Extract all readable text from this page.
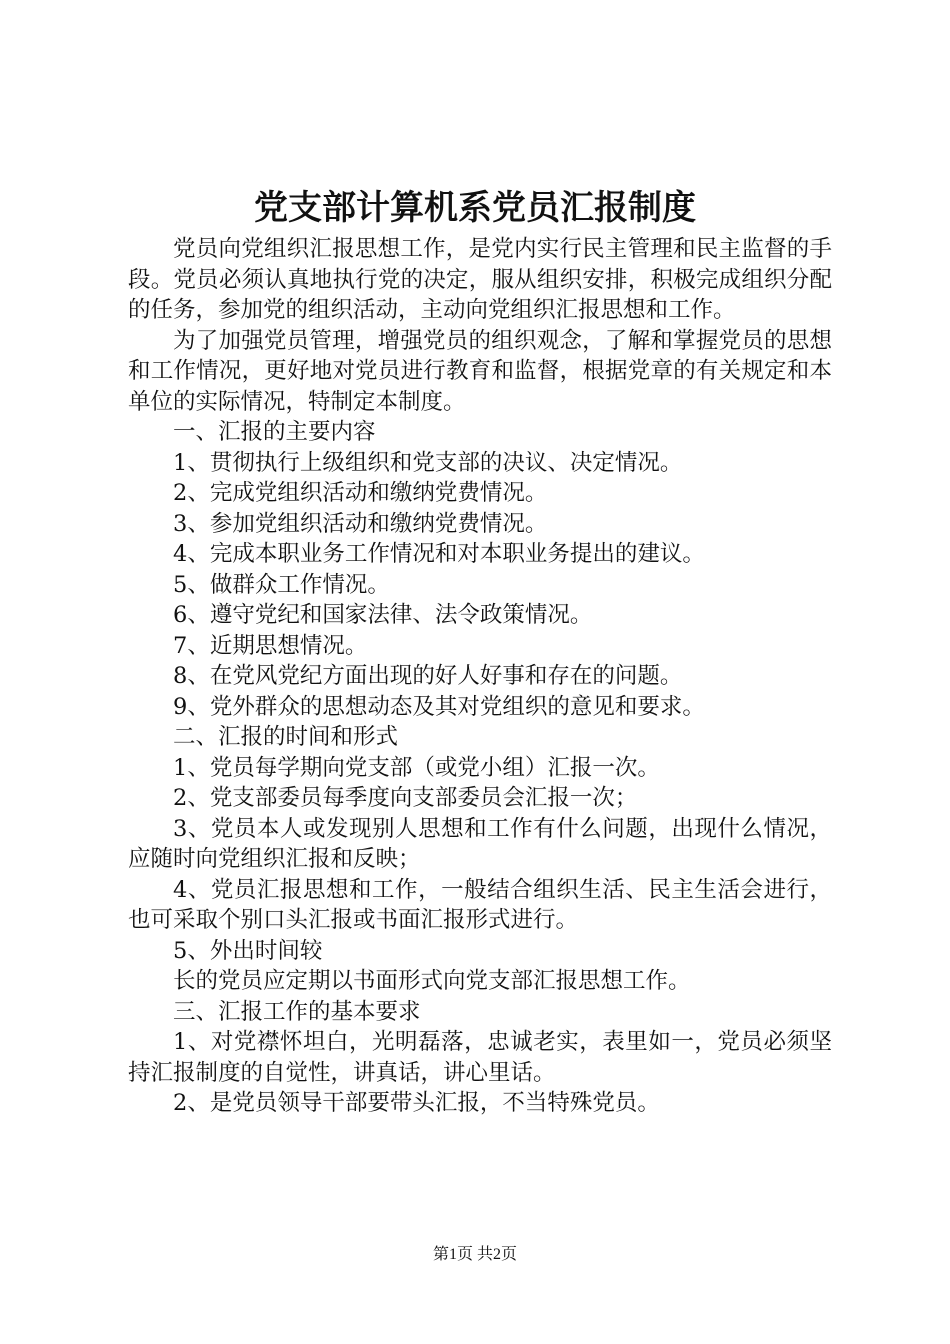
党支部计算机系党员汇报制度

党员向党组织汇报思想工作，是党内实行民主管理和民主监督的手段。党员必须认真地执行党的决定，服从组织安排，积极完成组织分配的任务，参加党的组织活动，主动向党组织汇报思想和工作。

为了加强党员管理，增强党员的组织观念，了解和掌握党员的思想和工作情况，更好地对党员进行教育和监督，根据党章的有关规定和本单位的实际情况，特制定本制度。

一、汇报的主要内容

1、贯彻执行上级组织和党支部的决议、决定情况。

2、完成党组织活动和缴纳党费情况。

3、参加党组织活动和缴纳党费情况。

4、完成本职业务工作情况和对本职业务提出的建议。

5、做群众工作情况。

6、遵守党纪和国家法律、法令政策情况。

7、近期思想情况。

8、在党风党纪方面出现的好人好事和存在的问题。

9、党外群众的思想动态及其对党组织的意见和要求。

二、汇报的时间和形式

1、党员每学期向党支部（或党小组）汇报一次。

2、党支部委员每季度向支部委员会汇报一次；

3、党员本人或发现别人思想和工作有什么问题，出现什么情况，应随时向党组织汇报和反映；

4、党员汇报思想和工作，一般结合组织生活、民主生活会进行，也可采取个别口头汇报或书面汇报形式进行。

5、外出时间较

长的党员应定期以书面形式向党支部汇报思想工作。

三、汇报工作的基本要求

1、对党襟怀坦白，光明磊落，忠诚老实，表里如一，党员必须坚持汇报制度的自觉性，讲真话，讲心里话。

2、是党员领导干部要带头汇报，不当特殊党员。

第1页 共2页
